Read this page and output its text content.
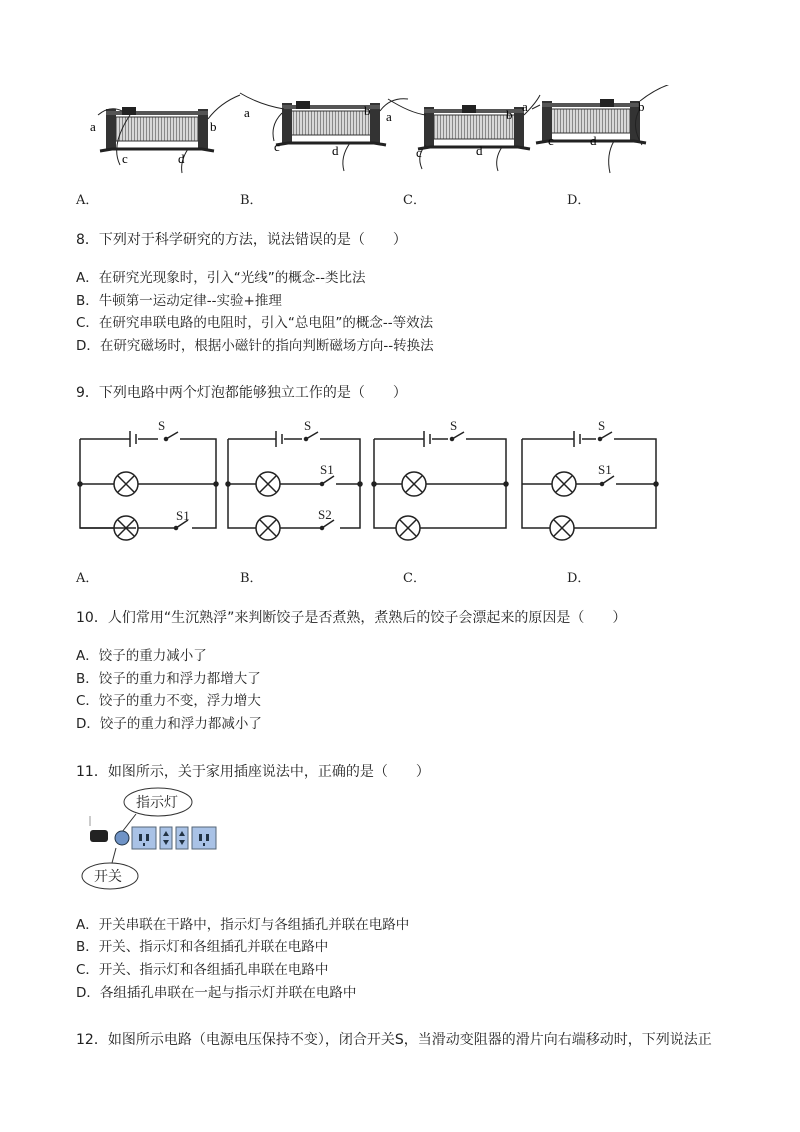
a	b
c	d
a	b
c	d
a	b
c	d
a	b
c	d
A．	B．	C．	D．
8．下列对于科学研究的方法，说法错误的是（　　）
A．在研究光现象时，引入“光线”的概念--类比法
B．牛顿第一运动定律--实验+推理
C．在研究串联电路的电阻时，引入“总电阻”的概念--等效法
D．在研究磁场时，根据小磁针的指向判断磁场方向--转换法
9．下列电路中两个灯泡都能够独立工作的是（　　）
S
S1
S
S1
S2
S	S
S1
A．	B．	C．	D．
10．人们常用“生沉熟浮”来判断饺子是否煮熟，煮熟后的饺子会漂起来的原因是（　　）
A．饺子的重力减小了
B．饺子的重力和浮力都增大了
C．饺子的重力不变，浮力增大
D．饺子的重力和浮力都减小了
11．如图所示，关于家用插座说法中，正确的是（　　）
指示灯
开关
A．开关串联在干路中，指示灯与各组插孔并联在电路中
B．开关、指示灯和各组插孔并联在电路中
C．开关、指示灯和各组插孔串联在电路中
D．各组插孔串联在一起与指示灯并联在电路中
12．如图所示电路（电源电压保持不变），闭合开关S，当滑动变阻器的滑片向右端移动时，下列说法正
